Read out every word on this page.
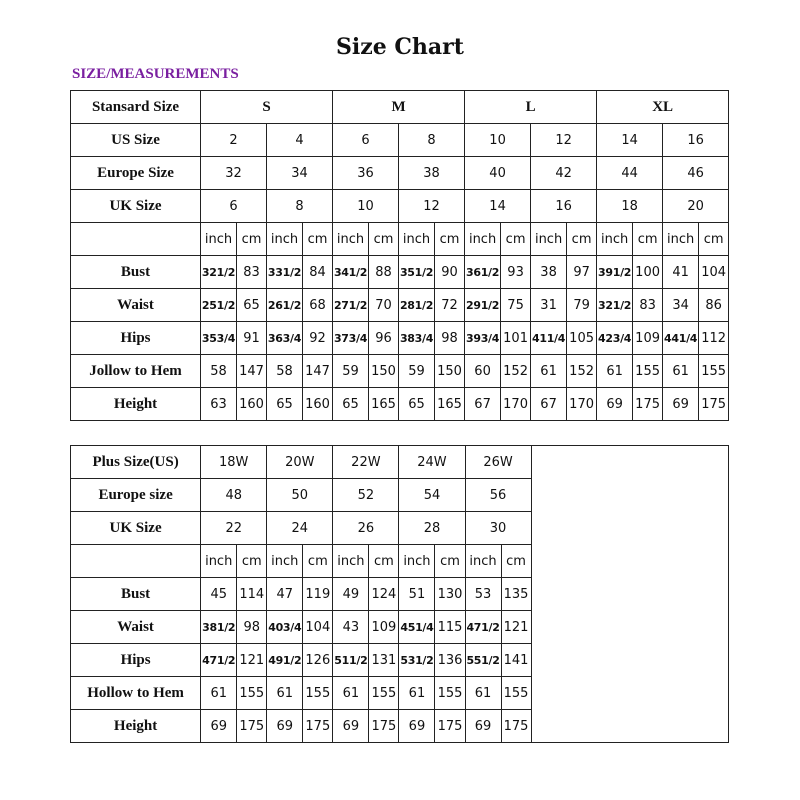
Size Chart
SIZE/MEASUREMENTS
Stansard Size	S				M				L				XL			
US Size	2		4		6		8		10		12		14		16	
Europe Size	32		34		36		38		40		42		44		46	
UK Size	6		8		10		12		14		16		18		20	
	inch	cm	inch	cm	inch	cm	inch	cm	inch	cm	inch	cm	inch	cm	inch	cm
Bust	321/2	83	331/2	84	341/2	88	351/2	90	361/2	93	38	97	391/2	100	41	104
Waist	251/2	65	261/2	68	271/2	70	281/2	72	291/2	75	31	79	321/2	83	34	86
Hips	353/4	91	363/4	92	373/4	96	383/4	98	393/4	101	411/4	105	423/4	109	441/4	112
Jollow to Hem	58	147	58	147	59	150	59	150	60	152	61	152	61	155	61	155
Height	63	160	65	160	65	165	65	165	67	170	67	170	69	175	69	175
Plus Size(US)	18W		20W		22W		24W		26W		
Europe size	48		50		52		54		56		
UK Size	22		24		26		28		30		
	inch	cm	inch	cm	inch	cm	inch	cm	inch	cm	
Bust	45	114	47	119	49	124	51	130	53	135	
Waist	381/2	98	403/4	104	43	109	451/4	115	471/2	121	
Hips	471/2	121	491/2	126	511/2	131	531/2	136	551/2	141	
Hollow to Hem	61	155	61	155	61	155	61	155	61	155	
Height	69	175	69	175	69	175	69	175	69	175	
